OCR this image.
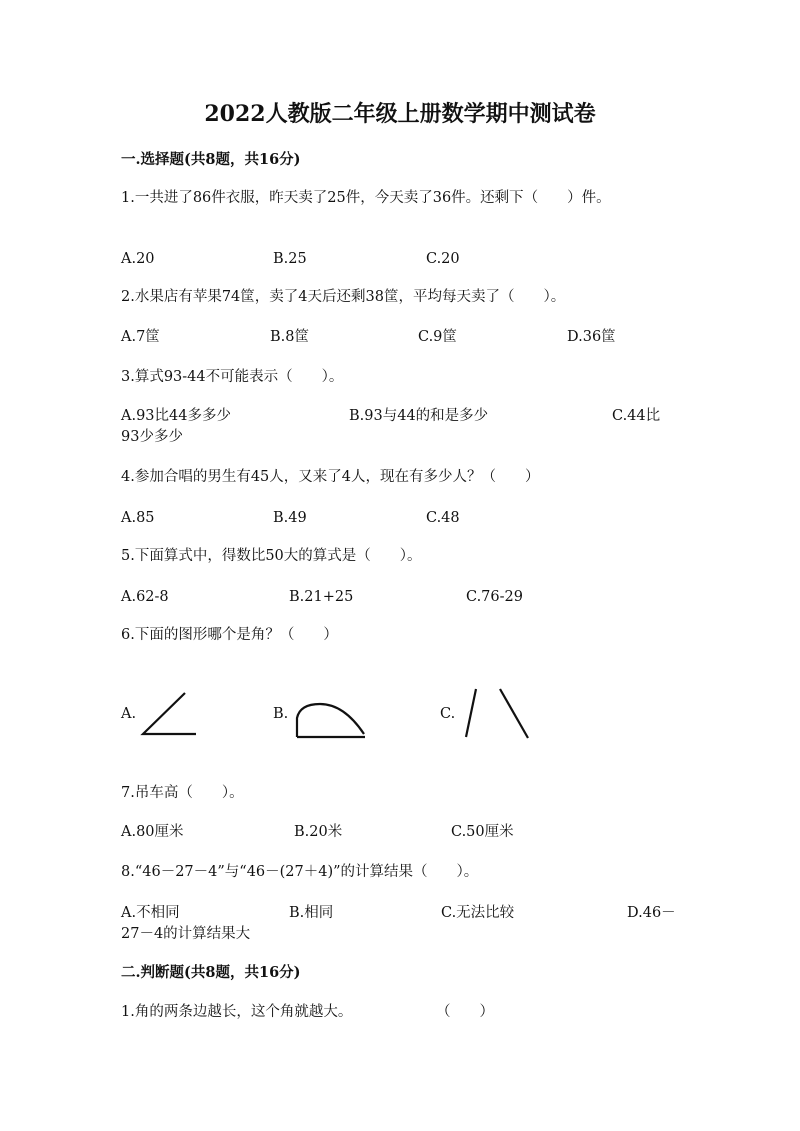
2022人教版二年级上册数学期中测试卷
一.选择题(共8题，共16分)
1.一共进了86件衣服，昨天卖了25件，今天卖了36件。还剩下（　　）件。
A.20	B.25	C.20
2.水果店有苹果74筐，卖了4天后还剩38筐，平均每天卖了（　　）。
A.7筐	B.8筐	C.9筐	D.36筐
3.算式93-44不可能表示（　　）。
A.93比44多多少	B.93与44的和是多少	C.44比
93少多少
4.参加合唱的男生有45人，又来了4人，现在有多少人？（　　）
A.85	B.49	C.48
5.下面算式中，得数比50大的算式是（　　）。
A.62-8	B.21+25	C.76-29
6.下面的图形哪个是角？（　　）
A.	B.	C.
7.吊车高（　　）。
A.80厘米	B.20米	C.50厘米
8.“46－27－4”与“46－(27＋4)”的计算结果（　　）。
A.不相同	B.相同	C.无法比较	D.46－
27－4的计算结果大
二.判断题(共8题，共16分)
1.角的两条边越长，这个角就越大。	（　　）
